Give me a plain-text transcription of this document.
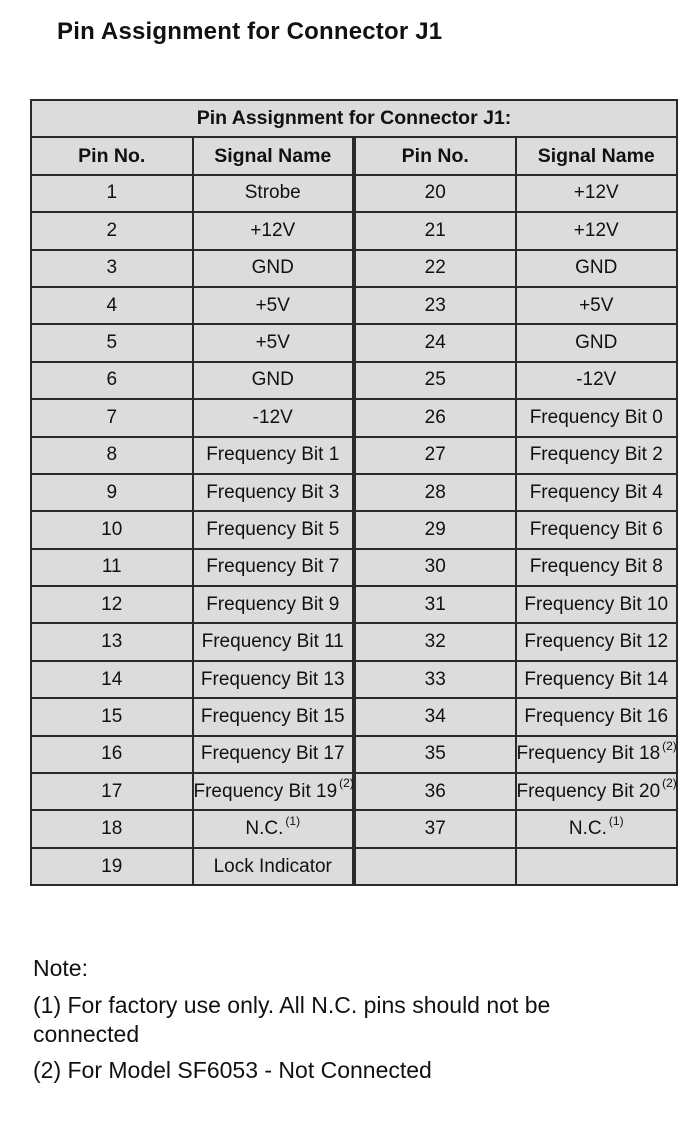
Pin Assignment for Connector J1
Pin Assignment for Connector J1:			
Pin No.	Signal Name	Pin No.	Signal Name
1	Strobe	20	+12V
2	+12V	21	+12V
3	GND	22	GND
4	+5V	23	+5V
5	+5V	24	GND
6	GND	25	-12V
7	-12V	26	Frequency Bit 0
8	Frequency Bit 1	27	Frequency Bit 2
9	Frequency Bit 3	28	Frequency Bit 4
10	Frequency Bit 5	29	Frequency Bit 6
11	Frequency Bit 7	30	Frequency Bit 8
12	Frequency Bit 9	31	Frequency Bit 10
13	Frequency Bit 11	32	Frequency Bit 12
14	Frequency Bit 13	33	Frequency Bit 14
15	Frequency Bit 15	34	Frequency Bit 16
16	Frequency Bit 17	35	Frequency Bit 18 $^{(2)}$
17	Frequency Bit 19 $^{(2)}$	36	Frequency Bit 20 $^{(2)}$
18	N.C. $^{(1)}$	37	N.C. $^{(1)}$
19	Lock Indicator		

Note:

(1) For factory use only. All N.C. pins should not be connected

(2) For Model SF6053 - Not Connected
